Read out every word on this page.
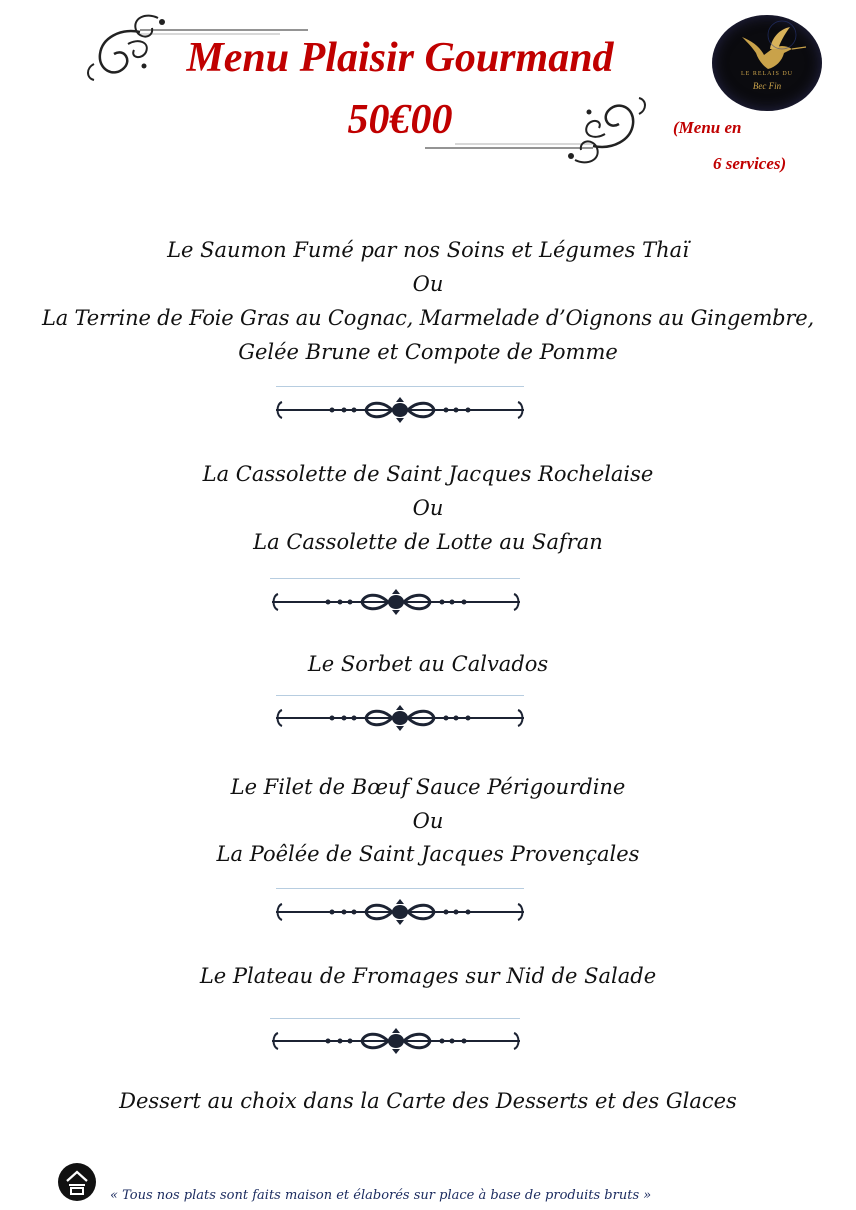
Menu Plaisir Gourmand
50€00	(Menu en
6 services)
LE RELAIS DU
Bec Fin
Le Saumon Fumé par nos Soins et Légumes Thaï
Ou
La Terrine de Foie Gras au Cognac, Marmelade d’Oignons au Gingembre,
Gelée Brune et Compote de Pomme
La Cassolette de Saint Jacques Rochelaise
Ou
La Cassolette de Lotte au Safran
Le Sorbet au Calvados
Le Filet de Bœuf Sauce Périgourdine
Ou
La Poêlée de Saint Jacques Provençales
Le Plateau de Fromages sur Nid de Salade
Dessert au choix dans la Carte des Desserts et des Glaces
« Tous nos plats sont faits maison et élaborés sur place à base de produits bruts »
